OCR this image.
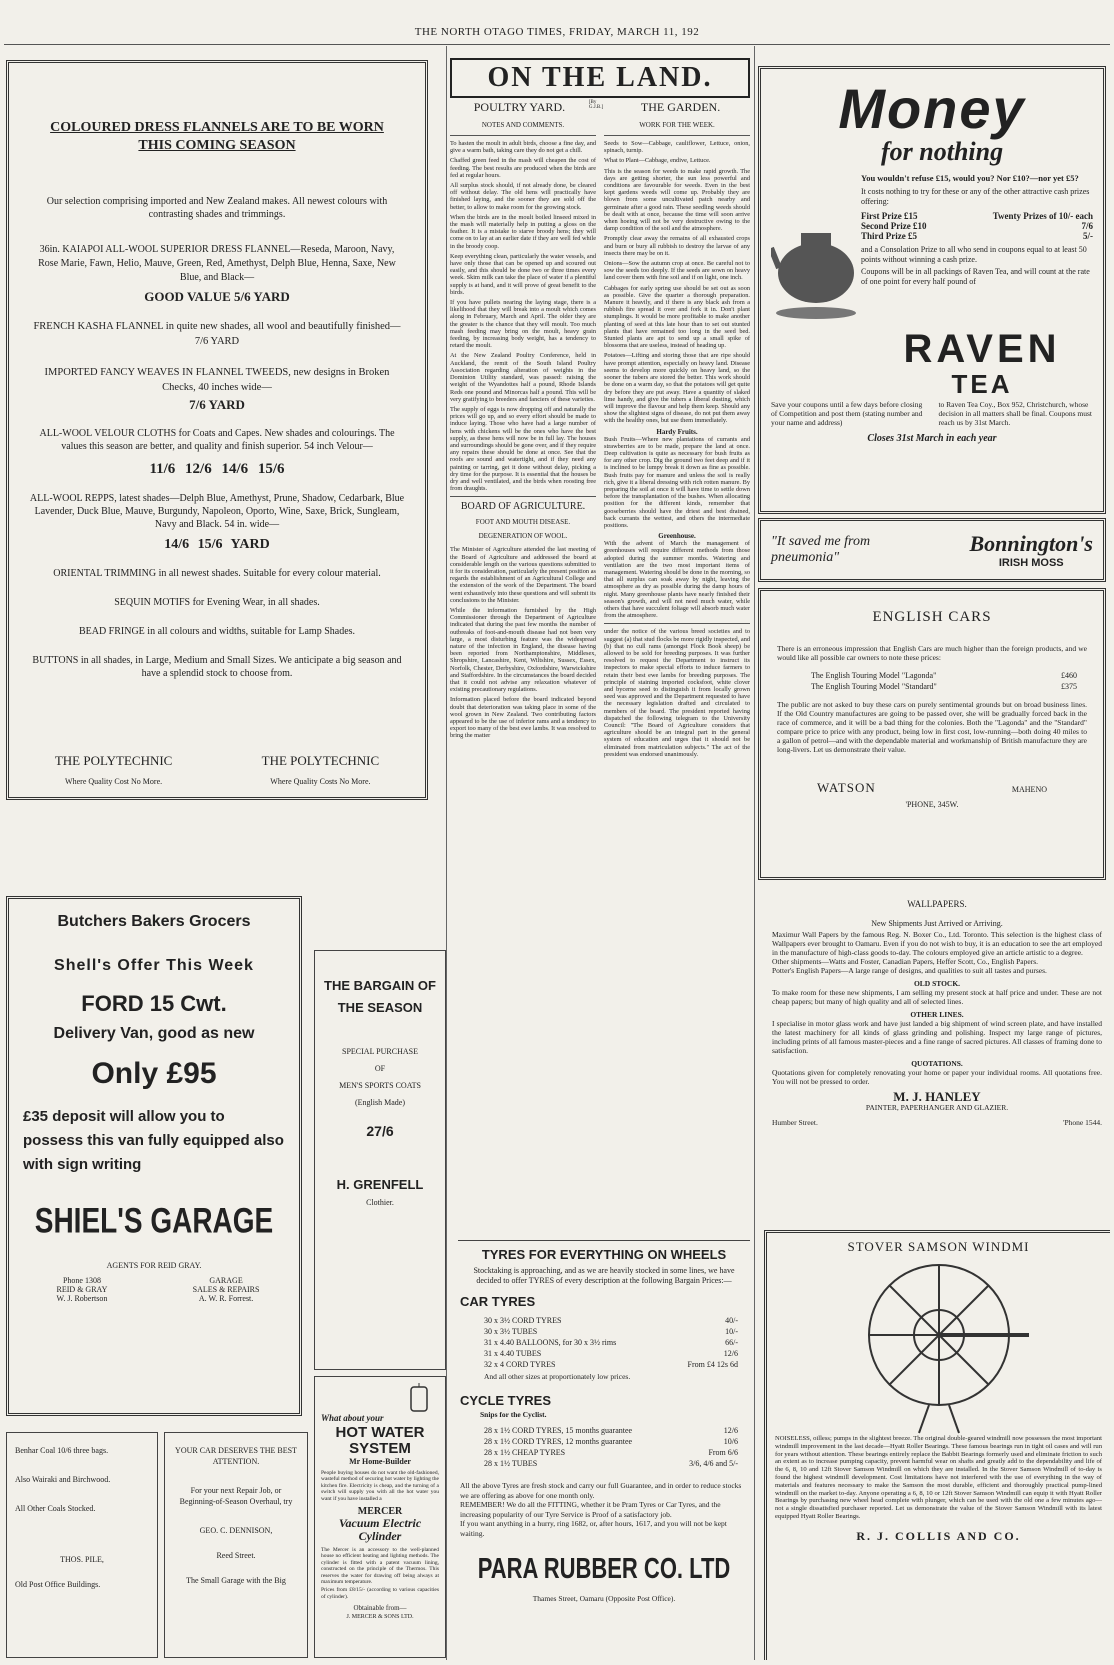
THE NORTH OTAGO TIMES, FRIDAY, MARCH 11, 192
COLOURED DRESS FLANNELS ARE TO BE WORN THIS COMING SEASON
Our selection comprising imported and New Zealand makes. All newest colours with contrasting shades and trimmings.
36in. KAIAPOI ALL-WOOL SUPERIOR DRESS FLANNEL—Reseda, Maroon, Navy, Rose Marie, Fawn, Helio, Mauve, Green, Red, Amethyst, Delph Blue, Henna, Saxe, New Blue, and Black—
GOOD VALUE 5/6 YARD
FRENCH KASHA FLANNEL in quite new shades, all wool and beautifully finished—7/6 YARD
IMPORTED FANCY WEAVES IN FLANNEL TWEEDS, new designs in Broken Checks, 40 inches wide—
7/6 YARD
ALL-WOOL VELOUR CLOTHS for Coats and Capes. New shades and colourings. The values this season are better, and quality and finish superior. 54 inch Velour—
11/6 12/6 14/6 15/6
ALL-WOOL REPPS, latest shades—Delph Blue, Amethyst, Prune, Shadow, Cedarbark, Blue Lavender, Duck Blue, Mauve, Burgundy, Napoleon, Oporto, Wine, Saxe, Brick, Sungleam, Navy and Black. 54 in. wide—
14/6 15/6 YARD
ORIENTAL TRIMMING in all newest shades. Suitable for every colour material.
SEQUIN MOTIFS for Evening Wear, in all shades.
BEAD FRINGE in all colours and widths, suitable for Lamp Shades.
BUTTONS in all shades, in Large, Medium and Small Sizes. We anticipate a big season and have a splendid stock to choose from.
THE POLYTECHNIC
Where Quality Cost No More.
THE POLYTECHNIC
Where Quality Costs No More.
Butchers Bakers Grocers
Shell's Offer This Week
FORD 15 Cwt.
Delivery Van, good as new
Only £95
£35 deposit will allow you to possess this van fully equipped also with sign writing
SHIEL'S GARAGE
AGENTS FOR REID GRAY.
Phone 1308
REID & GRAY
W. J. Robertson
GARAGE
SALES & REPAIRS
A. W. R. Forrest.
Benhar Coal 10/6 three bags.
Also Wairaki and Birchwood.
All Other Coals Stocked.
THOS. PILE,
Old Post Office Buildings.
YOUR CAR DESERVES THE BEST ATTENTION.
For your next Repair Job, or Beginning-of-Season Overhaul, try
GEO. C. DENNISON,
Reed Street.
The Small Garage with the Big
THE BARGAIN OF THE SEASON
SPECIAL PURCHASE
OF
MEN'S SPORTS COATS
(English Made)
27/6
H. GRENFELL
Clothier.
What about your
HOT WATER SYSTEM
Mr Home-Builder
People buying houses do not want the old-fashioned, wasteful method of securing hot water by lighting the kitchen fire. Electricity is cheap, and the turning of a switch will supply you with all the hot water you want if you have installed a
MERCER
Vacuum Electric Cylinder
The Mercer is an accessory to the well-planned house no efficient heating and lighting methods. The cylinder is fitted with a patent vacuum lining, constructed on the principle of the Thermos. This reserves the water for drawing off being always at maximum temperature.
Prices from £8/15/- (according to various capacities of cylinder).
Obtainable from—
J. MERCER & SONS LTD.
ON THE LAND.
POULTRY YARD.	[By G.J.B.]	THE GARDEN.
NOTES AND COMMENTS.

To hasten the moult in adult birds, choose a fine day, and give a warm bath, taking care they do not get a chill.

Chaffed green feed in the mash will cheapen the cost of feeding. The best results are produced when the birds are fed at regular hours.

All surplus stock should, if not already done, be cleared off without delay. The old hens will practically have finished laying, and the sooner they are sold off the better, to allow to make room for the growing stock.

When the birds are in the moult boiled linseed mixed in the mash will materially help in putting a gloss on the feather. It is a mistake to starve broody hens; they will come on to lay at an earlier date if they are well fed while in the broody coop.

Keep everything clean, particularly the water vessels, and have only those that can be opened up and scoured out easily, and this should be done two or three times every week. Skim milk can take the place of water if a plentiful supply is at hand, and it will prove of great benefit to the birds.

If you have pullets nearing the laying stage, there is a likelihood that they will break into a moult which comes along in February, March and April. The older they are the greater is the chance that they will moult. Too much mash feeding may bring on the moult, heavy grain feeding, by increasing body weight, has a tendency to retard the moult.

At the New Zealand Poultry Conference, held in Auckland, the remit of the South Island Poultry Association regarding alteration of weights in the Dominion Utility standard, was passed: raising the weight of the Wyandottes half a pound, Rhode Islands Reds one pound and Minorcas half a pound. This will be very gratifying to breeders and fanciers of these varieties.

The supply of eggs is now dropping off and naturally the prices will go up, and so every effort should be made to induce laying. Those who have had a large number of hens with chickens will be the ones who have the best supply, as these hens will now be in full lay. The houses and surroundings should be gone over, and if they require any repairs these should be done at once. See that the roofs are sound and watertight, and if they need any painting or tarring, get it done without delay, picking a dry time for the purpose. It is essential that the houses be dry and well ventilated, and the birds when roosting free from draughts.

BOARD OF AGRICULTURE.
FOOT AND MOUTH DISEASE.
DEGENERATION OF WOOL.

The Minister of Agriculture attended the last meeting of the Board of Agriculture and addressed the board at considerable length on the various questions submitted to it for its consideration, particularly the present position as regards the establishment of an Agricultural College and the extension of the work of the Department. The board went exhaustively into these questions and will submit its conclusions to the Minister.

While the information furnished by the High Commissioner through the Department of Agriculture indicated that during the past few months the number of outbreaks of foot-and-mouth disease had not been very large, a most disturbing feature was the widespread nature of the infection in England, the disease having been reported from Northamptonshire, Middlesex, Shropshire, Lancashire, Kent, Wiltshire, Sussex, Essex, Norfolk, Chester, Derbyshire, Oxfordshire, Warwickshire and Staffordshire. In the circumstances the board decided that it could not advise any relaxation whatever of existing precautionary regulations.

Information placed before the board indicated beyond doubt that deterioration was taking place in some of the wool grown in New Zealand. Two contributing factors appeared to be the use of inferior rams and a tendency to export too many of the best ewe lambs. It was resolved to bring the matter

WORK FOR THE WEEK.

Seeds to Sow—Cabbage, cauliflower, Lettuce, onion, spinach, turnip.

What to Plant—Cabbage, endive, Lettuce.

This is the season for weeds to make rapid growth. The days are getting shorter, the sun less powerful and conditions are favourable for weeds. Even in the best kept gardens weeds will come up. Probably they are blown from some uncultivated patch nearby and germinate after a good rain. These seedling weeds should be dealt with at once, because the time will soon arrive when hoeing will not be very destructive owing to the damp condition of the soil and the atmosphere.

Promptly clear away the remains of all exhausted crops and burn or bury all rubbish to destroy the larvae of any insects there may be on it.

Onions—Sow the autumn crop at once. Be careful not to sow the seeds too deeply. If the seeds are sown on heavy land cover them with fine soil and if on light, one inch.

Cabbages for early spring use should be set out as soon as possible. Give the quarter a thorough preparation. Manure it heavily, and if there is any black ash from a rubbish fire spread it over and fork it in. Don't plant stumplings. It would be more profitable to make another planting of seed at this late hour than to set out stunted plants that have remained too long in the seed bed. Stunted plants are apt to send up a small spike of blossoms that are useless, instead of heading up.

Potatoes—Lifting and storing those that are ripe should have prompt attention, especially on heavy land. Disease seems to develop more quickly on heavy land, so the sooner the tubers are stored the better. This work should be done on a warm day, so that the potatoes will get quite dry before they are put away. Have a quantity of slaked lime handy, and give the tubers a liberal dusting, which will improve the flavour and help them keep. Should any show the slightest signs of disease, do not put them away with the healthy ones, but use them immediately.

Hardy Fruits.

Bush Fruits—Where new plantations of currants and strawberries are to be made, prepare the land at once. Deep cultivation is quite as necessary for bush fruits as for any other crop. Dig the ground two feet deep and if it is inclined to be lumpy break it down as fine as possible. Bush fruits pay for manure and unless the soil is really rich, give it a liberal dressing with rich rotten manure. By preparing the soil at once it will have time to settle down before the transplantation of the bushes. When allocating position for the different kinds, remember that gooseberries should have the driest and best drained, back currants the wettest, and others the intermediate positions.

Greenhouse.

With the advent of March the management of greenhouses will require different methods from those adopted during the summer months. Watering and ventilation are the two most important items of management. Watering should be done in the morning, so that all surplus can soak away by night, leaving the atmosphere as dry as possible during the damp hours of night. Many greenhouse plants have nearly finished their season's growth, and will not need much water, while others that have succulent foliage will absorb much water from the atmosphere.

under the notice of the various breed societies and to suggest (a) that stud flocks be more rigidly inspected, and (b) that no cull rams (amongst Flock Book sheep) be allowed to be sold for breeding purposes. It was further resolved to request the Department to instruct its inspectors to make special efforts to induce farmers to retain their best ewe lambs for breeding purposes. The principle of staining imported cocksfoot, white clover and bycerne seed to distinguish it from locally grown seed was approved and the Department requested to have the necessary legislation drafted and circulated to members of the board. The president reported having dispatched the following telegram to the University Council: "The Board of Agriculture considers that agriculture should be an integral part in the general system of education and urges that it should not be eliminated from matriculation subjects." The act of the president was endorsed unanimously.

TYRES FOR EVERYTHING ON WHEELS
Stocktaking is approaching, and as we are heavily stocked in some lines, we have decided to offer TYRES of every description at the following Bargain Prices:—
CAR TYRES
30 x 3½ CORD TYRES	40/-
30 x 3½ TUBES	10/-
31 x 4.40 BALLOONS, for 30 x 3½ rims	66/-
31 x 4.40 TUBES	12/6
32 x 4 CORD TYRES	From £4 12s 6d
And all other sizes at proportionately low prices.
CYCLE TYRES
Snips for the Cyclist.
28 x 1½ CORD TYRES, 15 months guarantee	12/6
28 x 1½ CORD TYRES, 12 months guarantee	10/6
28 x 1½ CHEAP TYRES	From 6/6
28 x 1½ TUBES	3/6, 4/6 and 5/-
All the above Tyres are fresh stock and carry our full Guarantee, and in order to reduce stocks we are offering as above for one month only.
REMEMBER! We do all the FITTING, whether it be Pram Tyres or Car Tyres, and the increasing popularity of our Tyre Service is Proof of a satisfactory job.
If you want anything in a hurry, ring 1682, or, after hours, 1617, and you will not be kept waiting.
PARA RUBBER CO. LTD
Thames Street, Oamaru (Opposite Post Office).
Money
for nothing
You wouldn't refuse £15, would you? Nor £10?—nor yet £5?
It costs nothing to try for these or any of the other attractive cash prizes offering:
First Prize £15	Twenty Prizes of 10/- each
Second Prize £10	7/6
Third Prize £5	5/-
and a Consolation Prize to all who send in coupons equal to at least 50 points without winning a cash prize.
Coupons will be in all packings of Raven Tea, and will count at the rate of one point for every half pound of
RAVEN
TEA
Save your coupons until a few days before closing of Competition and post them (stating number and your name and address)
to Raven Tea Coy., Box 952, Christchurch, whose decision in all matters shall be final. Coupons must reach us by 31st March.
Closes 31st March in each year
"It saved me from pneumonia"
Bonnington's
IRISH MOSS
ENGLISH CARS
There is an erroneous impression that English Cars are much higher than the foreign products, and we would like all possible car owners to note these prices:
The English Touring Model "Lagonda"	£460
The English Touring Model "Standard"	£375
The public are not asked to buy these cars on purely sentimental grounds but on broad business lines. If the Old Country manufactures are going to be passed over, she will be gradually forced back in the race of commerce, and it will be a bad thing for the colonies. Both the "Lagonda" and the "Standard" compare price to price with any product, being low in first cost, low-running—both doing 40 miles to a gallon of petrol—and with the dependable material and workmanship of British manufacture they are long-livers. Let us demonstrate their value.
WATSON	MAHENO
'PHONE, 345W.
WALLPAPERS.
New Shipments Just Arrived or Arriving.
Maximur Wall Papers by the famous Reg. N. Boxer Co., Ltd. Toronto. This selection is the highest class of Wallpapers ever brought to Oamaru. Even if you do not wish to buy, it is an education to see the art employed in the manufacture of high-class goods to-day. The colours employed give an article artistic to a degree.
Other shipments—Watts and Foster, Canadian Papers, Heffer Scott, Co., English Papers.
Potter's English Papers—A large range of designs, and qualities to suit all tastes and purses.
OLD STOCK.
To make room for these new shipments, I am selling my present stock at half price and under. These are not cheap papers; but many of high quality and all of selected lines.
OTHER LINES.
I specialise in motor glass work and have just landed a big shipment of wind screen plate, and have installed the latest machinery for all kinds of glass grinding and polishing. Inspect my large range of pictures, including prints of all famous master-pieces and a fine range of sacred pictures. All classes of framing done to satisfaction.
QUOTATIONS.
Quotations given for completely renovating your home or paper your individual rooms. All quotations free. You will not be pressed to order.
M. J. HANLEY
PAINTER, PAPERHANGER AND GLAZIER.
Humber Street.	'Phone 1544.
STOVER SAMSON WINDMI
NOISELESS, oilless; pumps in the slightest breeze. The original double-geared windmill now possesses the most important windmill improvement in the last decade—Hyatt Roller Bearings. These famous bearings run in tight oil cases and will run for years without attention. These bearings entirely replace the Babbit Bearings formerly used and eliminate friction to such an extent as to increase pumping capacity, prevent harmful wear on shafts and greatly add to the dependability and life of the 6, 8, 10 and 12ft Stover Samson Windmill on which they are installed. In the Stover Samson Windmill of to-day is found the highest windmill development. Cost limitations have not interfered with the use of everything in the way of materials and features necessary to make the Samson the most durable, efficient and thoroughly practical pump-lined windmill on the market to-day. Anyone operating a 6, 8, 10 or 12ft Stover Samson Windmill can equip it with Hyatt Roller Bearings by purchasing new wheel head complete with plunger, which can be used with the old one a few minutes ago—not a single dissatisfied purchaser reported. Let us demonstrate the value of the Stover Samson Windmill with its latest equipped Hyatt Roller Bearings.
R. J. COLLIS AND CO.
